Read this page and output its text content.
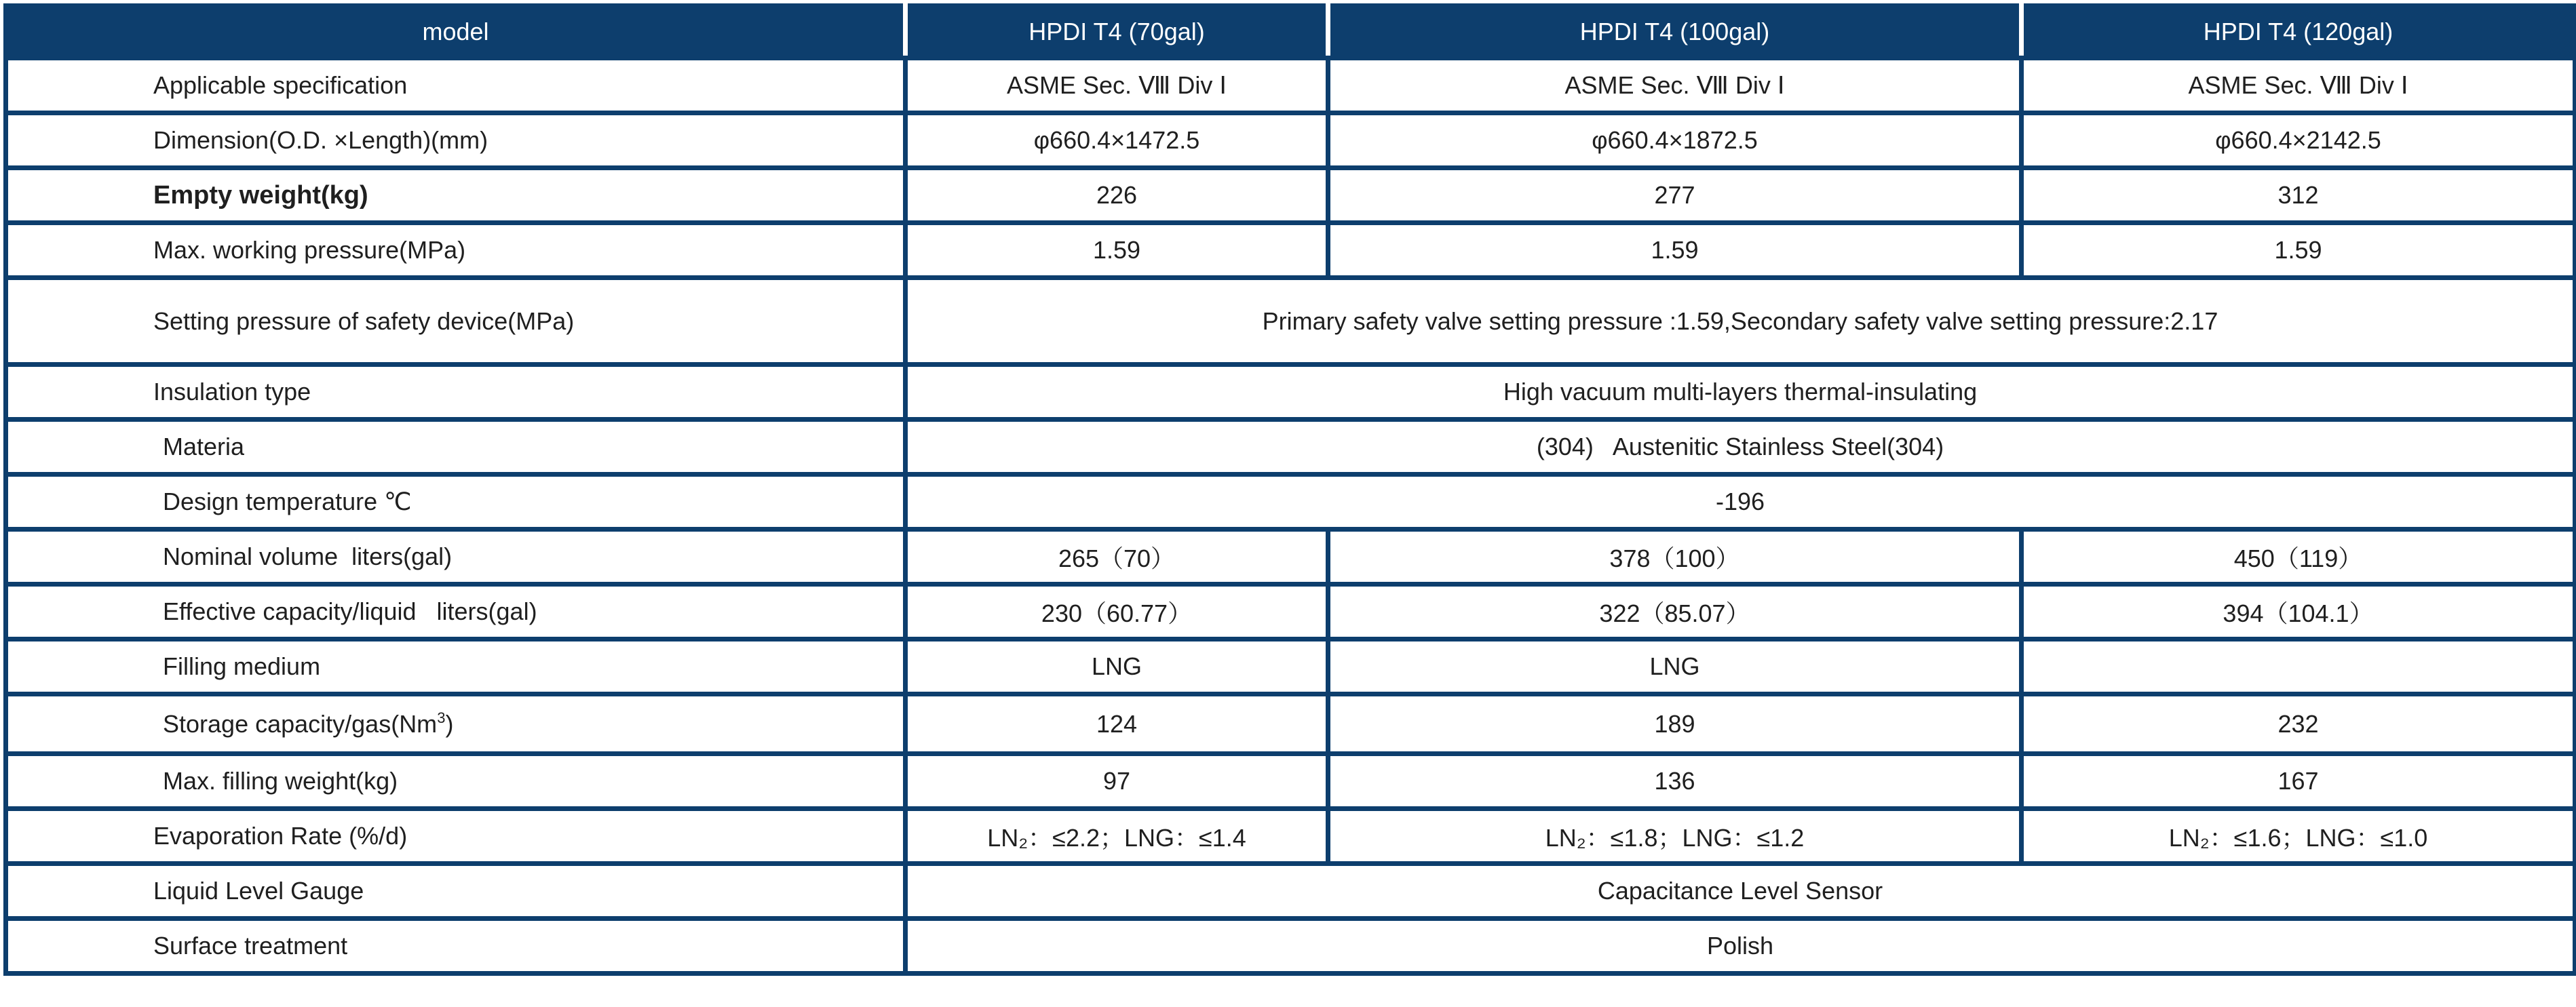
model	HPDI T4 (70gal)	HPDI T4 (100gal)	HPDI T4 (120gal)
Applicable specification	ASME Sec. Ⅷ Div Ⅰ	ASME Sec. Ⅷ Div Ⅰ	ASME Sec. Ⅷ Div Ⅰ
Dimension(O.D. ×Length)(mm)	φ660.4×1472.5	φ660.4×1872.5	φ660.4×2142.5
Empty weight(kg)	226	277	312
Max. working pressure(MPa)	1.59	1.59	1.59
Setting pressure of safety device(MPa)	Primary safety valve setting pressure :1.59,Secondary safety valve setting pressure:2.17		
Insulation type	High vacuum multi-layers thermal-insulating		
Materia	(304)   Austenitic Stainless Steel(304)		
Design temperature ℃	-196		
Nominal volume  liters(gal)	265（70）	378（100）	450（119）
Effective capacity/liquid   liters(gal)	230（60.77）	322（85.07）	394（104.1）
Filling medium	LNG	LNG	
Storage capacity/gas(Nm$^3$)	124	189	232
Max. filling weight(kg)	97	136	167
Evaporation Rate (%/d)	LN₂：≤2.2；LNG：≤1.4	LN₂：≤1.8；LNG：≤1.2	LN₂：≤1.6；LNG：≤1.0
Liquid Level Gauge	Capacitance Level Sensor		
Surface treatment	Polish		
